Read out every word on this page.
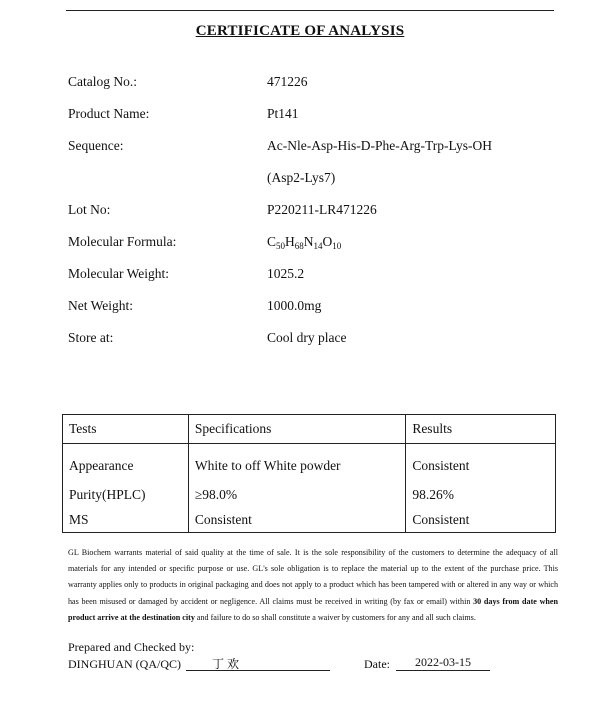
CERTIFICATE OF ANALYSIS
Catalog No.:	471226
Product Name:	Pt141
Sequence:	Ac-Nle-Asp-His-D-Phe-Arg-Trp-Lys-OH
(Asp2-Lys7)
Lot No:	P220211-LR471226
Molecular Formula:	$C_{50}H_{68}N_{14}O_{10}$
Molecular Weight:	1025.2
Net Weight:	1000.0mg
Store at:	Cool dry place
Tests	Specifications	Results
Appearance	White to off White powder	Consistent
Purity(HPLC)	≥98.0%	98.26%
MS	Consistent	Consistent
GL Biochem warrants material of said quality at the time of sale. It is the sole responsibility of the customers to determine the adequacy of all materials for any intended or specific purpose or use. GL's sole obligation is to replace the material up to the extent of the purchase price. This warranty applies only to products in original packaging and does not apply to a product which has been tampered with or altered in any way or which has been misused or damaged by accident or negligence. All claims must be received in writing (by fax or email) within 30 days from date when product arrive at the destination city and failure to do so shall constitute a waiver by customers for any and all such claims.
Prepared and Checked by:
DINGHUAN (QA/QC)	丁 欢	Date:	2022-03-15
